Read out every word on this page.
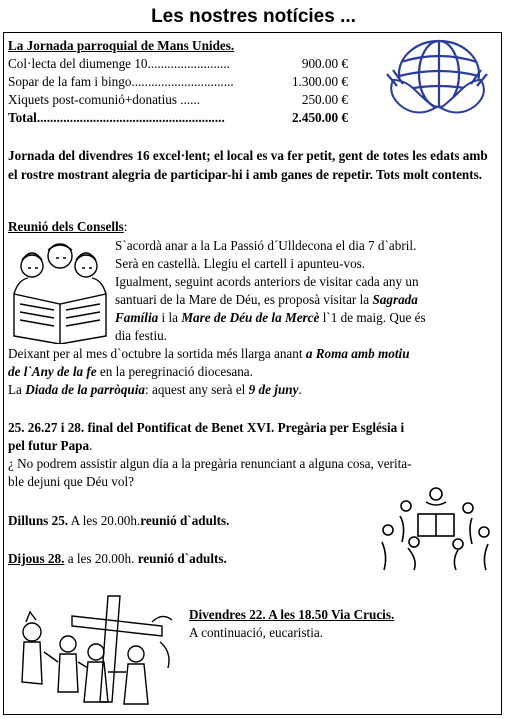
Les nostres notícies ...
La Jornada parroquial de Mans Unides.
Col·lecta del diumenge 10.........................	900.00 €
Sopar de la fam i bingo...............................	1.300.00 €
Xiquets post-comunió+donatius ......	250.00 €
Total.........................................................	2.450.00 €
Jornada del divendres 16 excel·lent; el local es va fer petit, gent de totes les edats amb el rostre mostrant alegria de participar-hi i amb ganes de repetir. Tots molt contents.
Reunió dels Consells:
S`acordà anar a la La Passió d´Ulldecona el dia 7 d`abril.
Serà en castellà. Llegiu el cartell i apunteu-vos.
Igualment, seguint acords anteriors de visitar cada any un
santuari de la Mare de Déu, es proposà visitar la Sagrada
Família i la Mare de Déu de la Mercè l`1 de maig. Que és
dia festiu.
Deixant per al mes d`octubre la sortida més llarga anant a Roma amb motiu
de l`Any de la fe en la peregrinació diocesana.
La Diada de la parròquia: aquest any serà el 9 de juny.
25. 26.27 i 28. final del Pontificat de Benet XVI. Pregària per Església i
pel futur Papa.
¿ No podrem assistir algun dia a la pregària renunciant a alguna cosa, verita-
ble dejuni que Déu vol?
Dilluns 25. A les 20.00h.reunió d`adults.
Dijous 28. a les 20.00h. reunió d`adults.
Divendres 22. A les 18.50 Via Crucis.
A continuació, eucaristia.
